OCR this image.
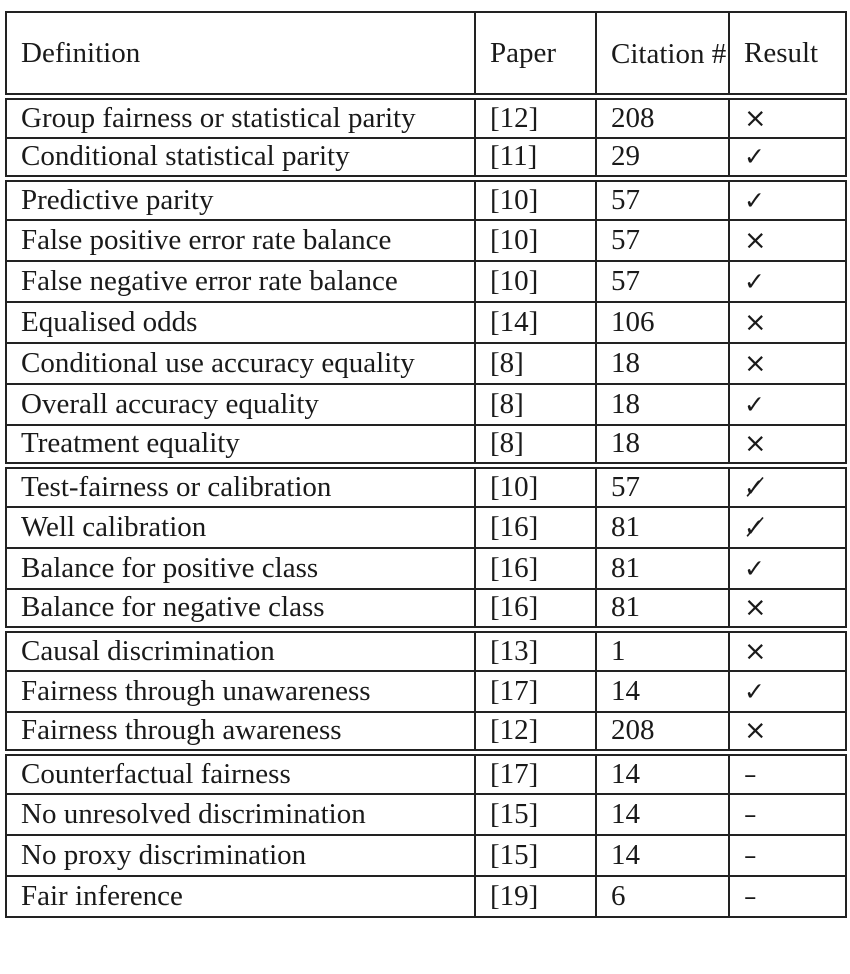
Definition	Paper	Citation #	Result
Group fairness or statistical parity	[12]	208	×
Conditional statistical parity	[11]	29	✓
Predictive parity	[10]	57	✓
False positive error rate balance	[10]	57	×
False negative error rate balance	[10]	57	✓
Equalised odds	[14]	106	×
Conditional use accuracy equality	[8]	18	×
Overall accuracy equality	[8]	18	✓
Treatment equality	[8]	18	×
Test-fairness or calibration	[10]	57	✓̸
Well calibration	[16]	81	✓̸
Balance for positive class	[16]	81	✓
Balance for negative class	[16]	81	×
Causal discrimination	[13]	1	×
Fairness through unawareness	[17]	14	✓
Fairness through awareness	[12]	208	×
Counterfactual fairness	[17]	14	–
No unresolved discrimination	[15]	14	–
No proxy discrimination	[15]	14	–
Fair inference	[19]	6	–
